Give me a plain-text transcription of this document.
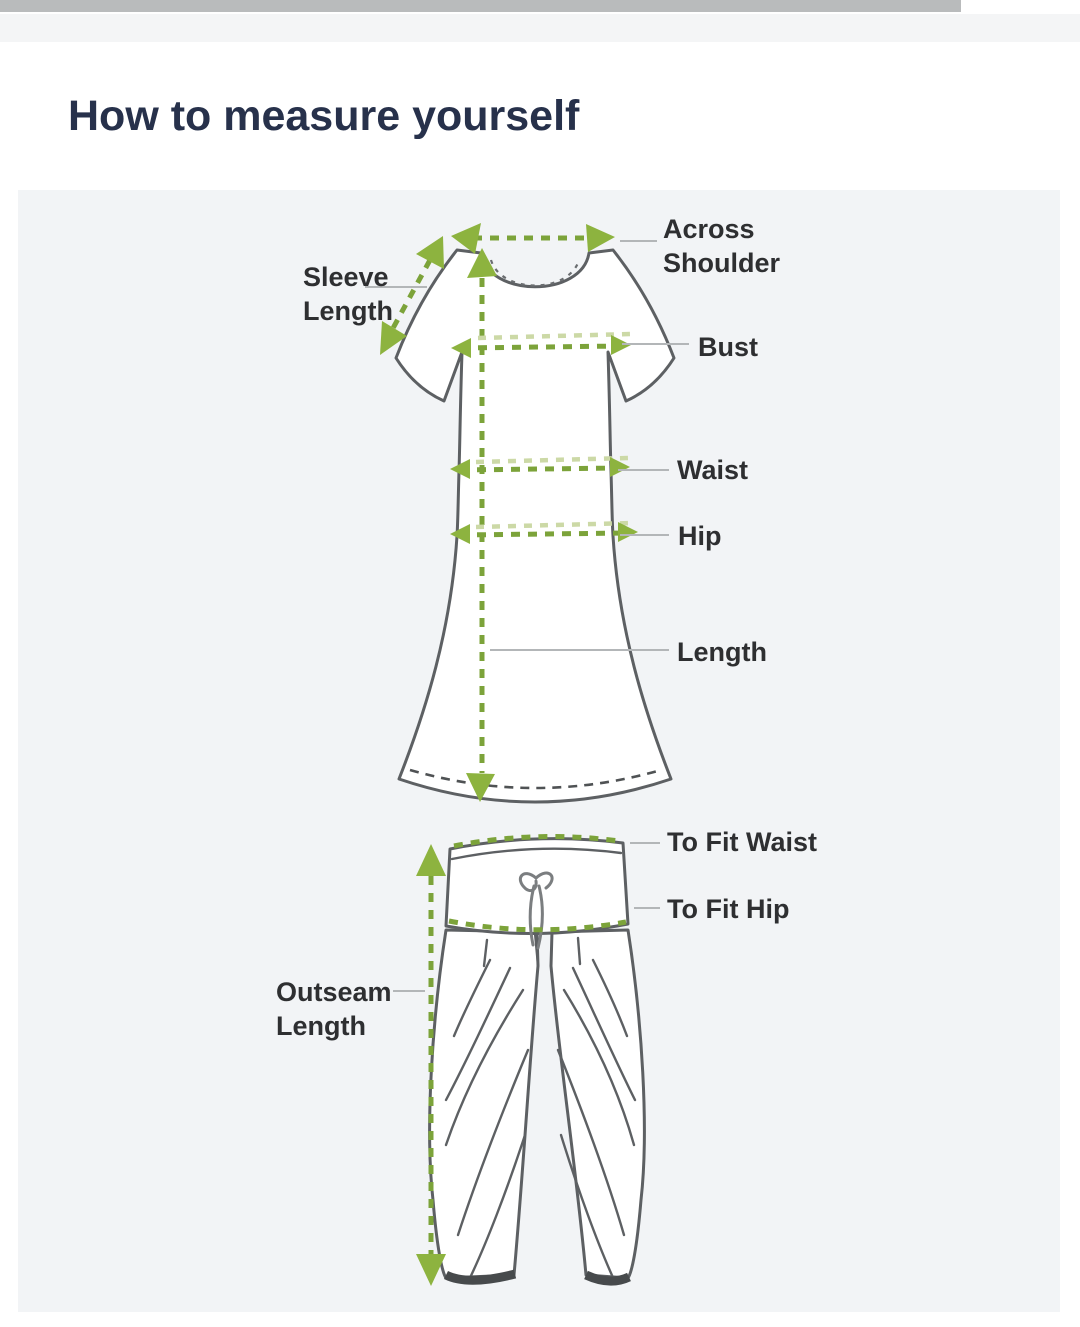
How to measure yourself
Across
Shoulder
Sleeve
Length
Bust
Waist
Hip
Length
To Fit Waist
To Fit Hip
Outseam
Length
